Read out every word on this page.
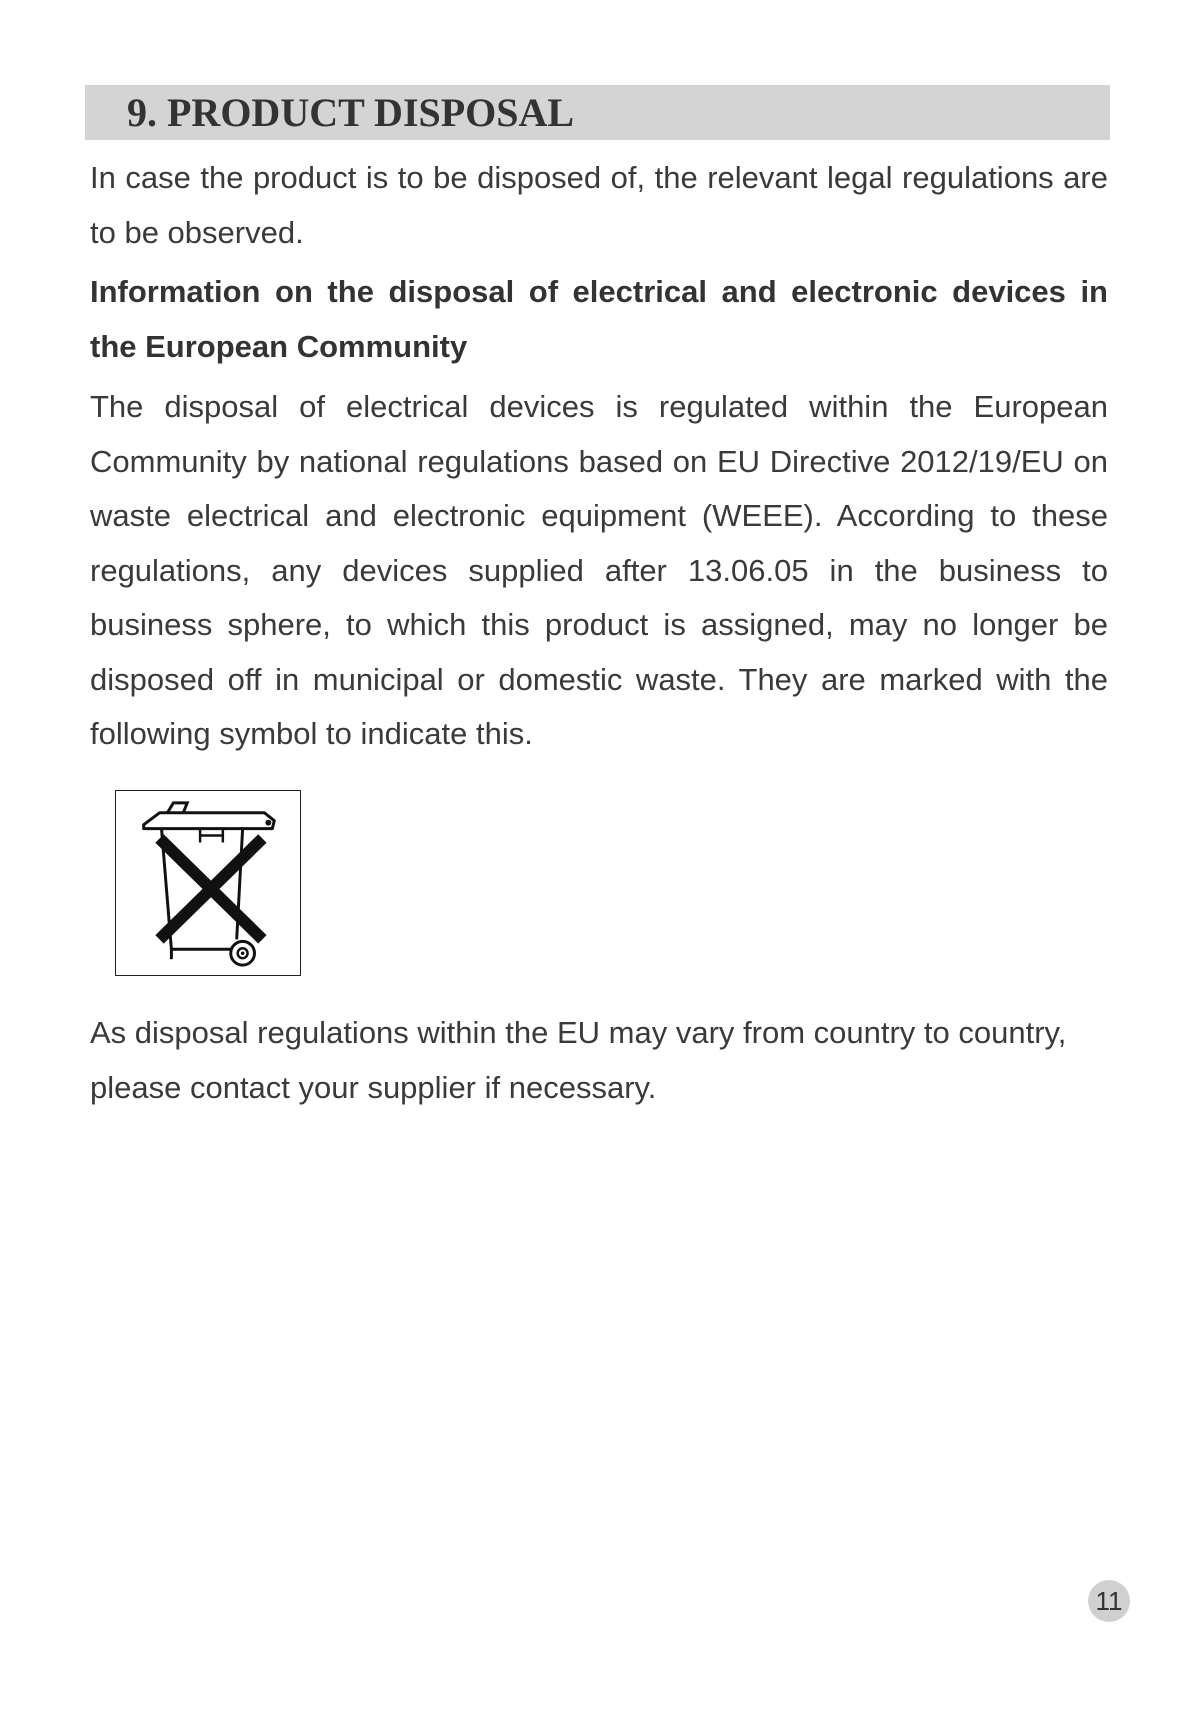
9. PRODUCT DISPOSAL

In case the product is to be disposed of, the relevant legal regulations are to be observed.

Information on the disposal of electrical and electronic devices in the European Community

The disposal of electrical devices is regulated within the European Community by national regulations based on EU Directive 2012/19/EU on waste electrical and electronic equipment (WEEE). According to these regulations, any devices supplied after 13.06.05 in the business to business sphere, to which this product is assigned, may no longer be disposed off in municipal or domestic waste. They are marked with the following symbol to indicate this.

As disposal regulations within the EU may vary from country to country, please contact your supplier if necessary.

11
